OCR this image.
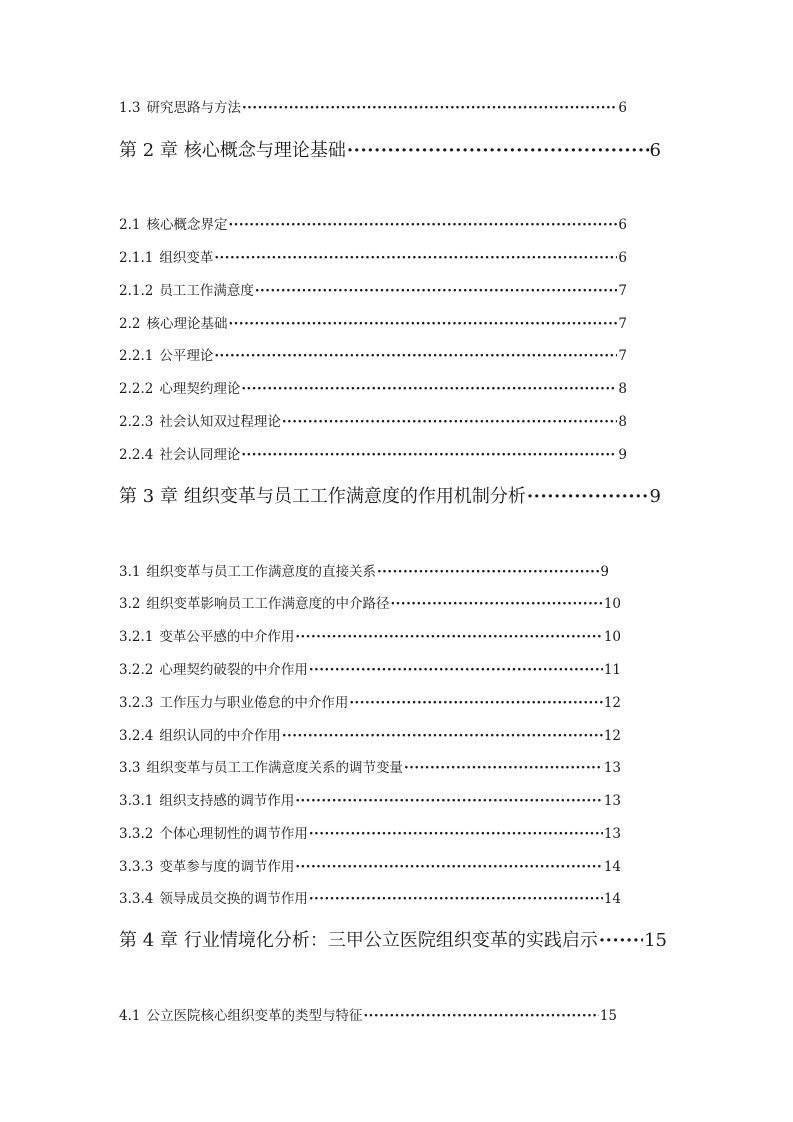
1.3 研究思路与方法 ·····	6
第 2 章 核心概念与理论基础 ·····	6
2.1 核心概念界定 ·····	6
2.1.1 组织变革 ·····	6
2.1.2 员工工作满意度 ·····	7
2.2 核心理论基础 ·····	7
2.2.1 公平理论 ·····	7
2.2.2 心理契约理论 ·····	8
2.2.3 社会认知双过程理论 ·····	8
2.2.4 社会认同理论 ·····	9
第 3 章 组织变革与员工工作满意度的作用机制分析 ·····	9
3.1 组织变革与员工工作满意度的直接关系 ·····	9
3.2 组织变革影响员工工作满意度的中介路径 ·····	10
3.2.1 变革公平感的中介作用 ·····	10
3.2.2 心理契约破裂的中介作用 ·····	11
3.2.3 工作压力与职业倦怠的中介作用 ·····	12
3.2.4 组织认同的中介作用 ·····	12
3.3 组织变革与员工工作满意度关系的调节变量 ·····	13
3.3.1 组织支持感的调节作用 ·····	13
3.3.2 个体心理韧性的调节作用 ·····	13
3.3.3 变革参与度的调节作用 ·····	14
3.3.4 领导成员交换的调节作用 ·····	14
第 4 章 行业情境化分析：三甲公立医院组织变革的实践启示 ·····	15
4.1 公立医院核心组织变革的类型与特征 ·····	15
